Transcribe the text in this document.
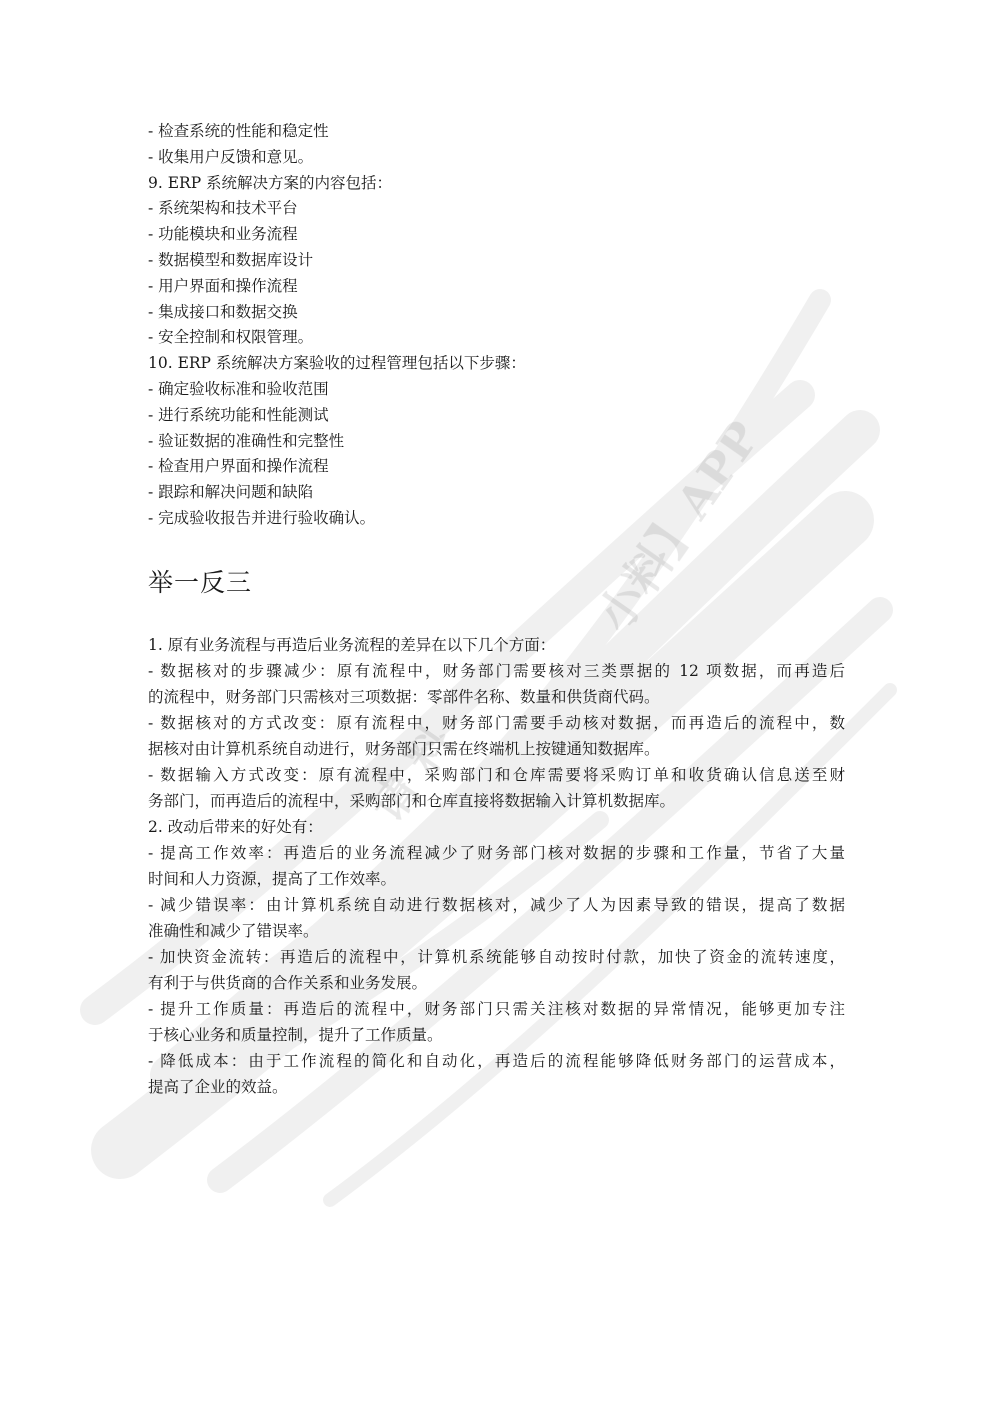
小料】APP
请 料
- 检查系统的性能和稳定性
- 收集用户反馈和意见。
9. ERP 系统解决方案的内容包括：
- 系统架构和技术平台
- 功能模块和业务流程
- 数据模型和数据库设计
- 用户界面和操作流程
- 集成接口和数据交换
- 安全控制和权限管理。
10. ERP 系统解决方案验收的过程管理包括以下步骤：
- 确定验收标准和验收范围
- 进行系统功能和性能测试
- 验证数据的准确性和完整性
- 检查用户界面和操作流程
- 跟踪和解决问题和缺陷
- 完成验收报告并进行验收确认。
举一反三
1. 原有业务流程与再造后业务流程的差异在以下几个方面：
- 数据核对的步骤减少：原有流程中，财务部门需要核对三类票据的 12 项数据，而再造后
的流程中，财务部门只需核对三项数据：零部件名称、数量和供货商代码。
- 数据核对的方式改变：原有流程中，财务部门需要手动核对数据，而再造后的流程中，数
据核对由计算机系统自动进行，财务部门只需在终端机上按键通知数据库。
- 数据输入方式改变：原有流程中，采购部门和仓库需要将采购订单和收货确认信息送至财
务部门，而再造后的流程中，采购部门和仓库直接将数据输入计算机数据库。
2. 改动后带来的好处有：
- 提高工作效率：再造后的业务流程减少了财务部门核对数据的步骤和工作量，节省了大量
时间和人力资源，提高了工作效率。
- 减少错误率：由计算机系统自动进行数据核对，减少了人为因素导致的错误，提高了数据
准确性和减少了错误率。
- 加快资金流转：再造后的流程中，计算机系统能够自动按时付款，加快了资金的流转速度，
有利于与供货商的合作关系和业务发展。
- 提升工作质量：再造后的流程中，财务部门只需关注核对数据的异常情况，能够更加专注
于核心业务和质量控制，提升了工作质量。
- 降低成本：由于工作流程的简化和自动化，再造后的流程能够降低财务部门的运营成本，
提高了企业的效益。
